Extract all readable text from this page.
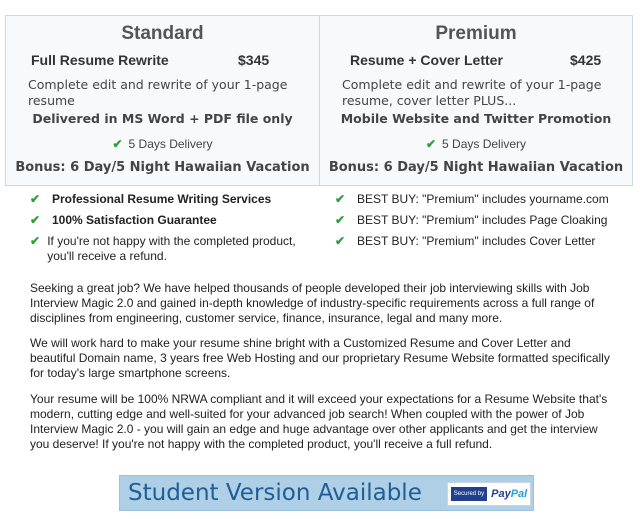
Standard
Full Resume Rewrite	$345
Complete edit and rewrite of your 1-page resume
Delivered in MS Word + PDF file only
✔ 5 Days Delivery
Bonus: 6 Day/5 Night Hawaiian Vacation
Premium
Resume + Cover Letter	$425
Complete edit and rewrite of your 1-page resume, cover letter PLUS...
Mobile Website and Twitter Promotion
✔ 5 Days Delivery
Bonus: 6 Day/5 Night Hawaiian Vacation
✔ Professional Resume Writing Services
✔ 100% Satisfaction Guarantee
✔ If you're not happy with the completed product, you'll receive a refund.
✔ BEST BUY: "Premium" includes yourname.com
✔ BEST BUY: "Premium" includes Page Cloaking
✔ BEST BUY: "Premium" includes Cover Letter
Seeking a great job? We have helped thousands of people developed their job interviewing skills with Job Interview Magic 2.0 and gained in-depth knowledge of industry-specific requirements across a full range of disciplines from engineering, customer service, finance, insurance, legal and many more.
We will work hard to make your resume shine bright with a Customized Resume and Cover Letter and beautiful Domain name, 3 years free Web Hosting and our proprietary Resume Website formatted specifically for today's large smartphone screens.
Your resume will be 100% NRWA compliant and it will exceed your expectations for a Resume Website that's modern, cutting edge and well-suited for your advanced job search! When coupled with the power of Job Interview Magic 2.0 - you will gain an edge and huge advantage over other applicants and get the interview you deserve! If you're not happy with the completed product, you'll receive a full refund.
Student Version Available	Secured by PayPal
